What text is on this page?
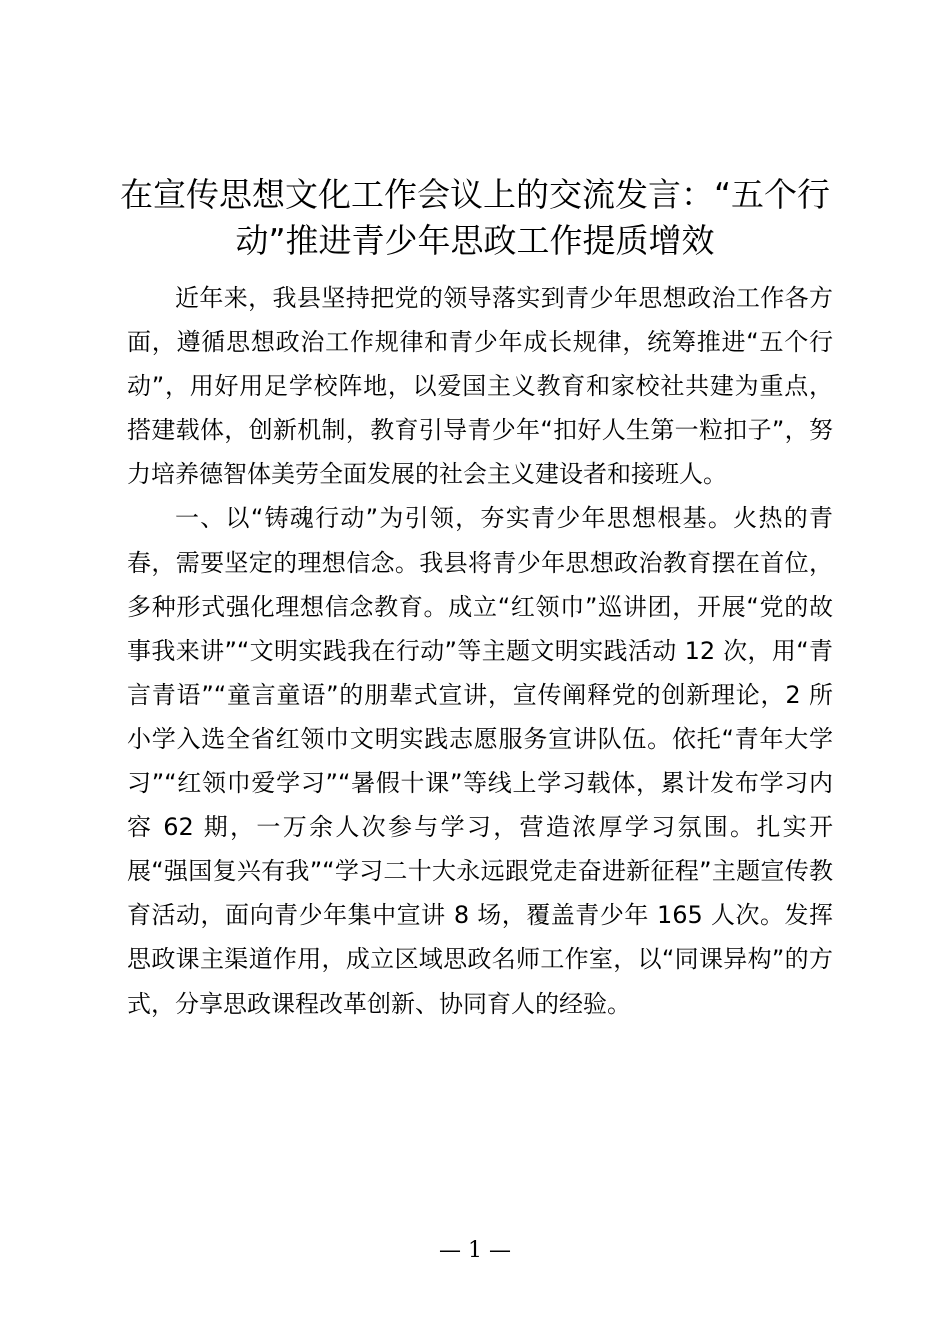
在宣传思想文化工作会议上的交流发言：“五个行动”推进青少年思政工作提质增效

近年来，我县坚持把党的领导落实到青少年思想政治工作各方面，遵循思想政治工作规律和青少年成长规律，统筹推进“五个行动”，用好用足学校阵地，以爱国主义教育和家校社共建为重点，搭建载体，创新机制，教育引导青少年“扣好人生第一粒扣子”，努力培养德智体美劳全面发展的社会主义建设者和接班人。

一、以“铸魂行动”为引领，夯实青少年思想根基。火热的青春，需要坚定的理想信念。我县将青少年思想政治教育摆在首位，多种形式强化理想信念教育。成立“红领巾”巡讲团，开展“党的故事我来讲”“文明实践我在行动”等主题文明实践活动 12 次，用“青言青语”“童言童语”的朋辈式宣讲，宣传阐释党的创新理论，2 所小学入选全省红领巾文明实践志愿服务宣讲队伍。依托“青年大学习”“红领巾爱学习”“暑假十课”等线上学习载体，累计发布学习内容 62 期，一万余人次参与学习，营造浓厚学习氛围。扎实开展“强国复兴有我”“学习二十大永远跟党走奋进新征程”主题宣传教育活动，面向青少年集中宣讲 8 场，覆盖青少年 165 人次。发挥思政课主渠道作用，成立区域思政名师工作室，以“同课异构”的方式，分享思政课程改革创新、协同育人的经验。

— 1 —
